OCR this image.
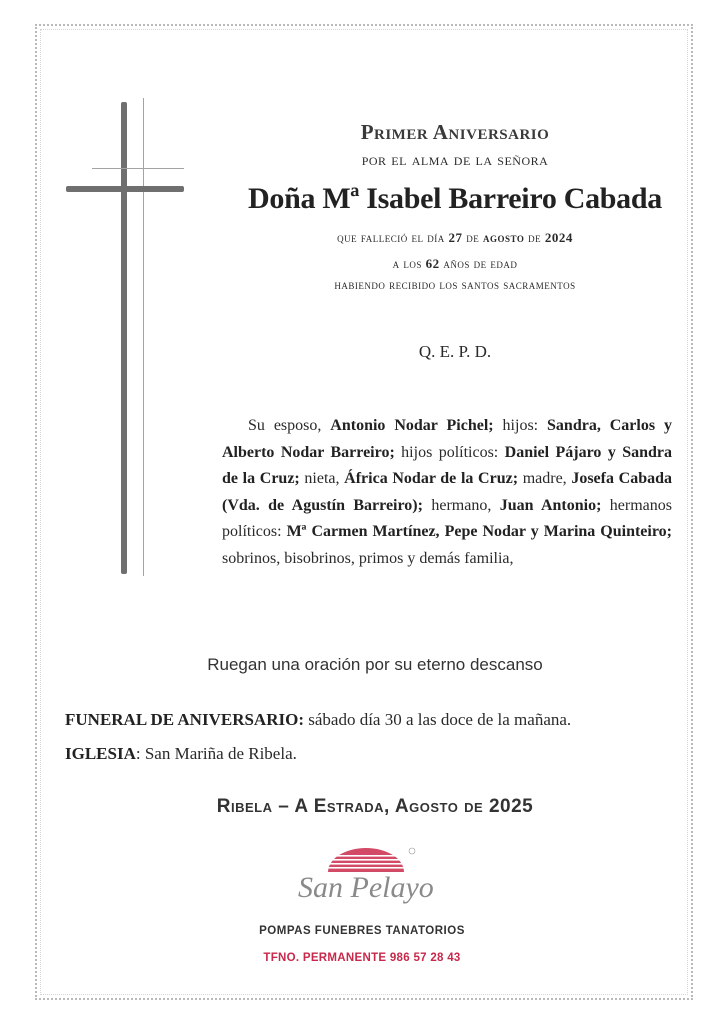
Primer Aniversario
por el alma de la señora
Doña Mª Isabel Barreiro Cabada
que falleció el día 27 de agosto de 2024
a los 62 años de edad
habiendo recibido los santos sacramentos
Q. E. P. D.
Su esposo, Antonio Nodar Pichel; hijos: Sandra, Carlos y Alberto Nodar Barreiro; hijos políticos: Daniel Pájaro y Sandra de la Cruz; nieta, África Nodar de la Cruz; madre, Josefa Cabada (Vda. de Agustín Barreiro); hermano, Juan Antonio; hermanos políticos: Mª Carmen Martínez, Pepe Nodar y Marina Quinteiro; sobrinos, bisobrinos, primos y demás familia,
Ruegan una oración por su eterno descanso
FUNERAL DE ANIVERSARIO: sábado día 30 a las doce de la mañana.
IGLESIA: San Mariña de Ribela.
Ribela – A Estrada, Agosto de 2025
San Pelayo
POMPAS FUNEBRES TANATORIOS
TFNO. PERMANENTE 986 57 28 43
